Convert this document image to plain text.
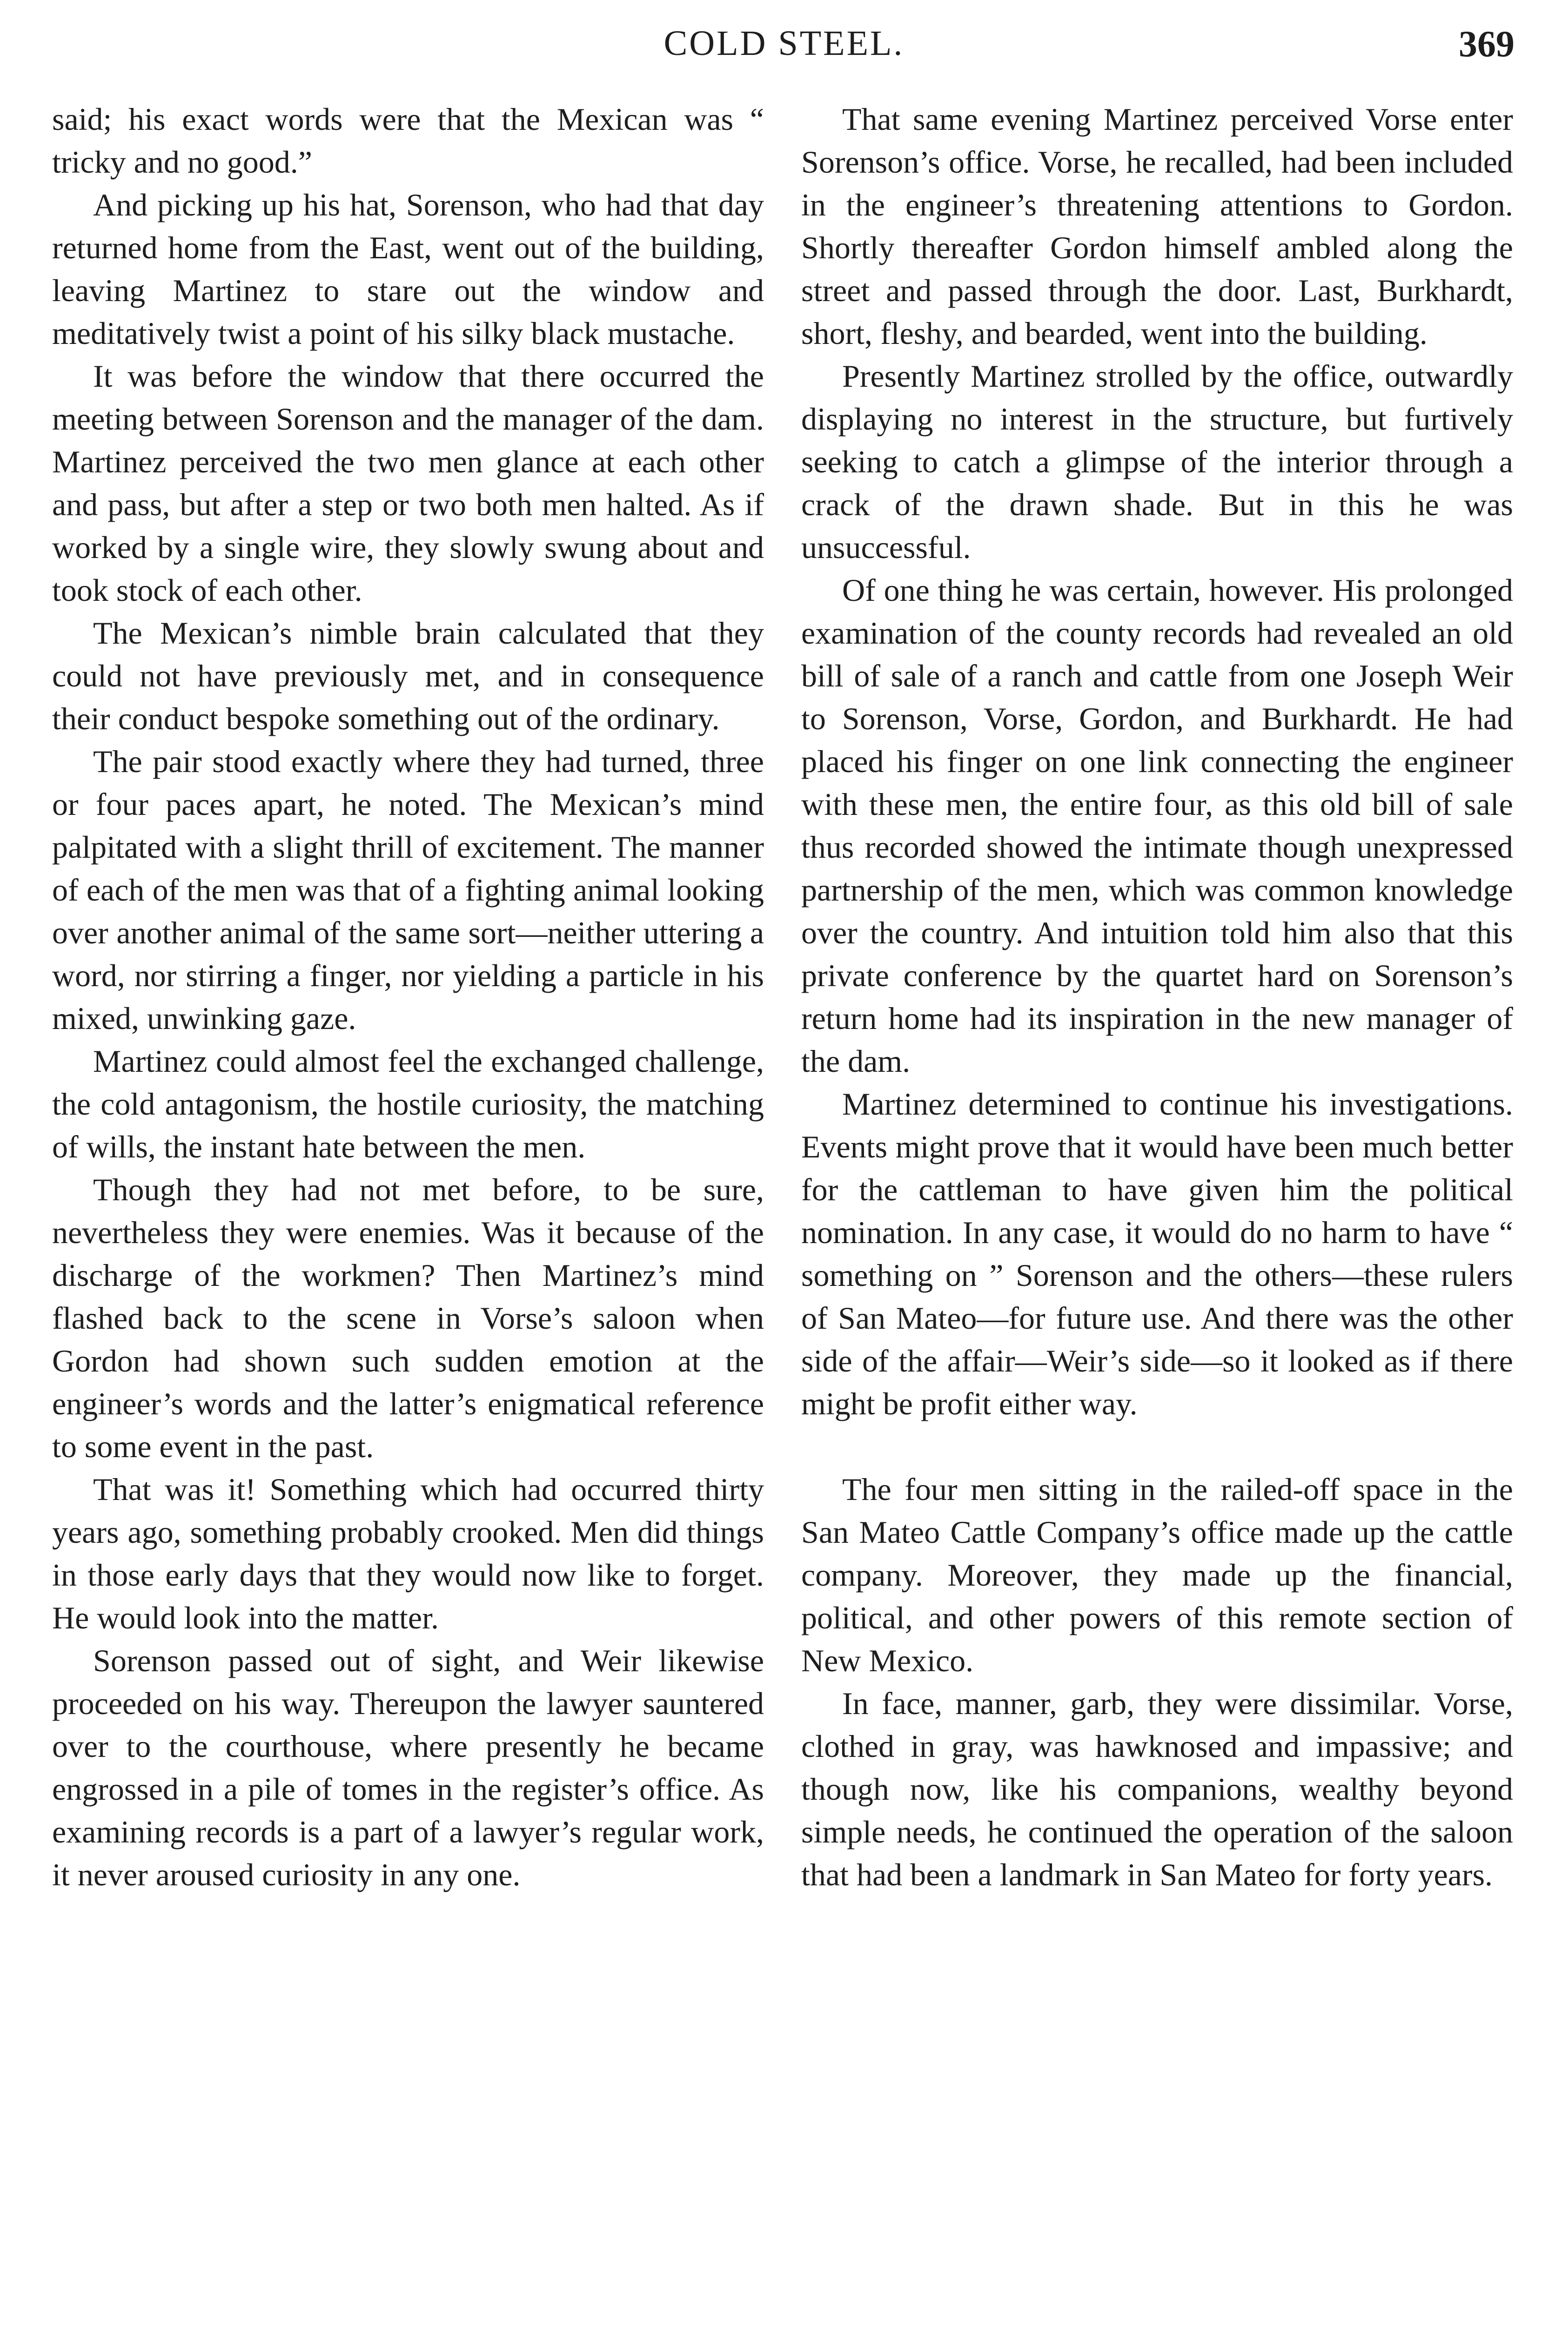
COLD STEEL.	369

said; his exact words were that the Mexican was “ tricky and no good.”

And picking up his hat, Sorenson, who had that day returned home from the East, went out of the building, leaving Martinez to stare out the window and meditatively twist a point of his silky black mustache.

It was before the window that there occurred the meeting between Sorenson and the manager of the dam. Martinez perceived the two men glance at each other and pass, but after a step or two both men halted. As if worked by a single wire, they slowly swung about and took stock of each other.

The Mexican’s nimble brain calculated that they could not have previously met, and in consequence their conduct bespoke something out of the ordinary.

The pair stood exactly where they had turned, three or four paces apart, he noted. The Mexican’s mind palpitated with a slight thrill of excitement. The manner of each of the men was that of a fighting animal looking over another animal of the same sort—neither uttering a word, nor stirring a finger, nor yielding a particle in his mixed, unwinking gaze.

Martinez could almost feel the exchanged challenge, the cold antagonism, the hostile curiosity, the matching of wills, the instant hate between the men.

Though they had not met before, to be sure, nevertheless they were enemies. Was it because of the discharge of the workmen? Then Martinez’s mind flashed back to the scene in Vorse’s saloon when Gordon had shown such sudden emotion at the engineer’s words and the latter’s enigmatical reference to some event in the past.

That was it! Something which had occurred thirty years ago, something probably crooked. Men did things in those early days that they would now like to forget. He would look into the matter.

Sorenson passed out of sight, and Weir likewise proceeded on his way. Thereupon the lawyer sauntered over to the courthouse, where presently he became engrossed in a pile of tomes in the register’s office. As examining records is a part of a lawyer’s regular work, it never aroused curiosity in any one.

That same evening Martinez perceived Vorse enter Sorenson’s office. Vorse, he recalled, had been included in the engineer’s threatening attentions to Gordon. Shortly thereafter Gordon himself ambled along the street and passed through the door. Last, Burkhardt, short, fleshy, and bearded, went into the building.

Presently Martinez strolled by the office, outwardly displaying no interest in the structure, but furtively seeking to catch a glimpse of the interior through a crack of the drawn shade. But in this he was unsuccessful.

Of one thing he was certain, however. His prolonged examination of the county records had revealed an old bill of sale of a ranch and cattle from one Joseph Weir to Sorenson, Vorse, Gordon, and Burkhardt. He had placed his finger on one link connecting the engineer with these men, the entire four, as this old bill of sale thus recorded showed the intimate though unexpressed partnership of the men, which was common knowledge over the country. And intuition told him also that this private conference by the quartet hard on Sorenson’s return home had its inspiration in the new manager of the dam.

Martinez determined to continue his investigations. Events might prove that it would have been much better for the cattleman to have given him the political nomination. In any case, it would do no harm to have “ something on ” Sorenson and the others—these rulers of San Mateo—for future use. And there was the other side of the affair—Weir’s side—so it looked as if there might be profit either way.

The four men sitting in the railed-off space in the San Mateo Cattle Company’s office made up the cattle company. Moreover, they made up the financial, political, and other powers of this remote section of New Mexico.

In face, manner, garb, they were dissimilar. Vorse, clothed in gray, was hawknosed and impassive; and though now, like his companions, wealthy beyond simple needs, he continued the operation of the saloon that had been a landmark in San Mateo for forty years.
